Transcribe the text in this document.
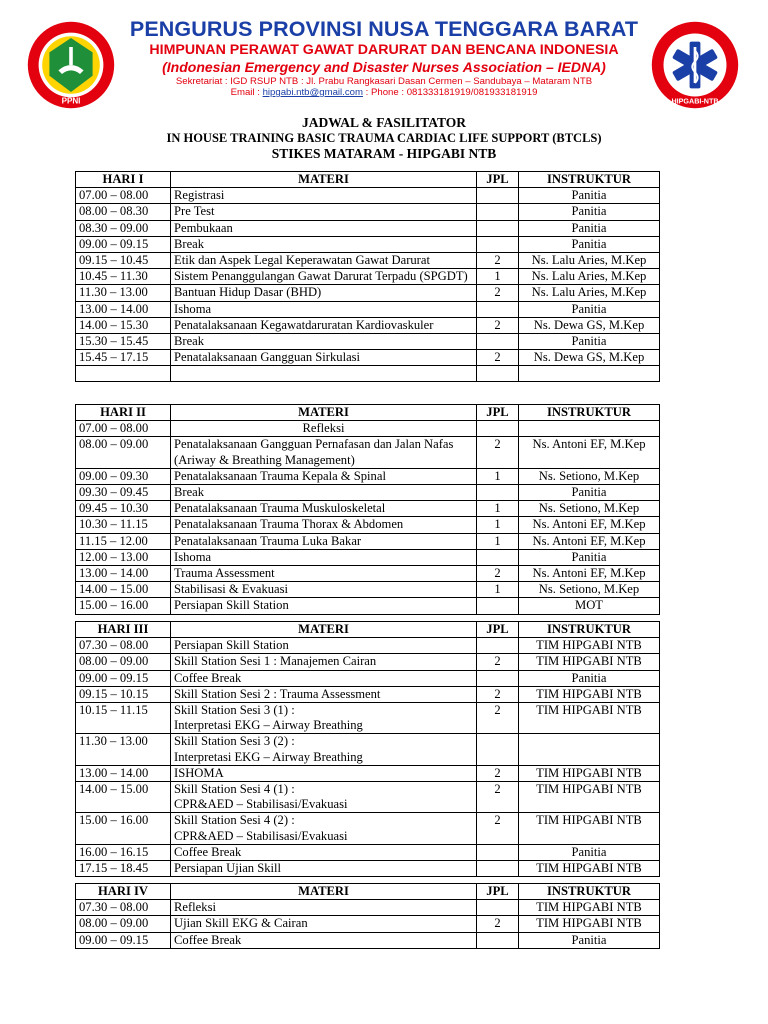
PPNI
PENGURUS PROVINSI NUSA TENGGARA BARAT
HIMPUNAN PERAWAT GAWAT DARURAT DAN BENCANA INDONESIA
(Indonesian Emergency and Disaster Nurses Association – IEDNA)
Sekretariat : IGD RSUP NTB : Jl. Prabu Rangkasari Dasan Cermen – Sandubaya – Mataram NTB
Email : hipgabi.ntb@gmail.com : Phone : 081333181919/081933181919
HIPGABI-NTB
JADWAL & FASILITATOR
IN HOUSE TRAINING BASIC TRAUMA CARDIAC LIFE SUPPORT (BTCLS)
STIKES MATARAM - HIPGABI NTB
HARI I	MATERI	JPL	INSTRUKTUR
07.00 – 08.00	Registrasi		Panitia
08.00 – 08.30	Pre Test		Panitia
08.30 – 09.00	Pembukaan		Panitia
09.00 – 09.15	Break		Panitia
09.15 – 10.45	Etik dan Aspek Legal Keperawatan Gawat Darurat	2	Ns. Lalu Aries, M.Kep
10.45 – 11.30	Sistem Penanggulangan Gawat Darurat Terpadu (SPGDT)	1	Ns. Lalu Aries, M.Kep
11.30 – 13.00	Bantuan Hidup Dasar (BHD)	2	Ns. Lalu Aries, M.Kep
13.00 – 14.00	Ishoma		Panitia
14.00 – 15.30	Penatalaksanaan Kegawatdaruratan Kardiovaskuler	2	Ns. Dewa GS, M.Kep
15.30 – 15.45	Break		Panitia
15.45 – 17.15	Penatalaksanaan Gangguan Sirkulasi	2	Ns. Dewa GS, M.Kep

HARI II	MATERI	JPL	INSTRUKTUR
07.00 – 08.00	Refleksi		
08.00 – 09.00	Penatalaksanaan Gangguan Pernafasan dan Jalan Nafas (Ariway & Breathing Management)	2	Ns. Antoni EF, M.Kep
09.00 – 09.30	Penatalaksanaan Trauma Kepala & Spinal	1	Ns. Setiono, M.Kep
09.30 – 09.45	Break		Panitia
09.45 – 10.30	Penatalaksanaan Trauma Muskuloskeletal	1	Ns. Setiono, M.Kep
10.30 – 11.15	Penatalaksanaan Trauma Thorax & Abdomen	1	Ns. Antoni EF, M.Kep
11.15 – 12.00	Penatalaksanaan Trauma Luka Bakar	1	Ns. Antoni EF, M.Kep
12.00 – 13.00	Ishoma		Panitia
13.00 – 14.00	Trauma Assessment	2	Ns. Antoni EF, M.Kep
14.00 – 15.00	Stabilisasi & Evakuasi	1	Ns. Setiono, M.Kep
15.00 – 16.00	Persiapan Skill Station		MOT
HARI III	MATERI	JPL	INSTRUKTUR
07.30 – 08.00	Persiapan Skill Station		TIM HIPGABI NTB
08.00 – 09.00	Skill Station Sesi 1 : Manajemen Cairan	2	TIM HIPGABI NTB
09.00 – 09.15	Coffee Break		Panitia
09.15 – 10.15	Skill Station Sesi 2 : Trauma Assessment	2	TIM HIPGABI NTB
10.15 – 11.15	Skill Station Sesi 3 (1) :
Interpretasi EKG – Airway Breathing	2	TIM HIPGABI NTB
11.30 – 13.00	Skill Station Sesi 3 (2) :
Interpretasi EKG – Airway Breathing		
13.00 – 14.00	ISHOMA	2	TIM HIPGABI NTB
14.00 – 15.00	Skill Station Sesi 4 (1) :
CPR&AED – Stabilisasi/Evakuasi	2	TIM HIPGABI NTB
15.00 – 16.00	Skill Station Sesi 4 (2) :
CPR&AED – Stabilisasi/Evakuasi	2	TIM HIPGABI NTB
16.00 – 16.15	Coffee Break		Panitia
17.15 – 18.45	Persiapan Ujian Skill		TIM HIPGABI NTB
HARI IV	MATERI	JPL	INSTRUKTUR
07.30 – 08.00	Refleksi		TIM HIPGABI NTB
08.00 – 09.00	Ujian Skill EKG & Cairan	2	TIM HIPGABI NTB
09.00 – 09.15	Coffee Break		Panitia
